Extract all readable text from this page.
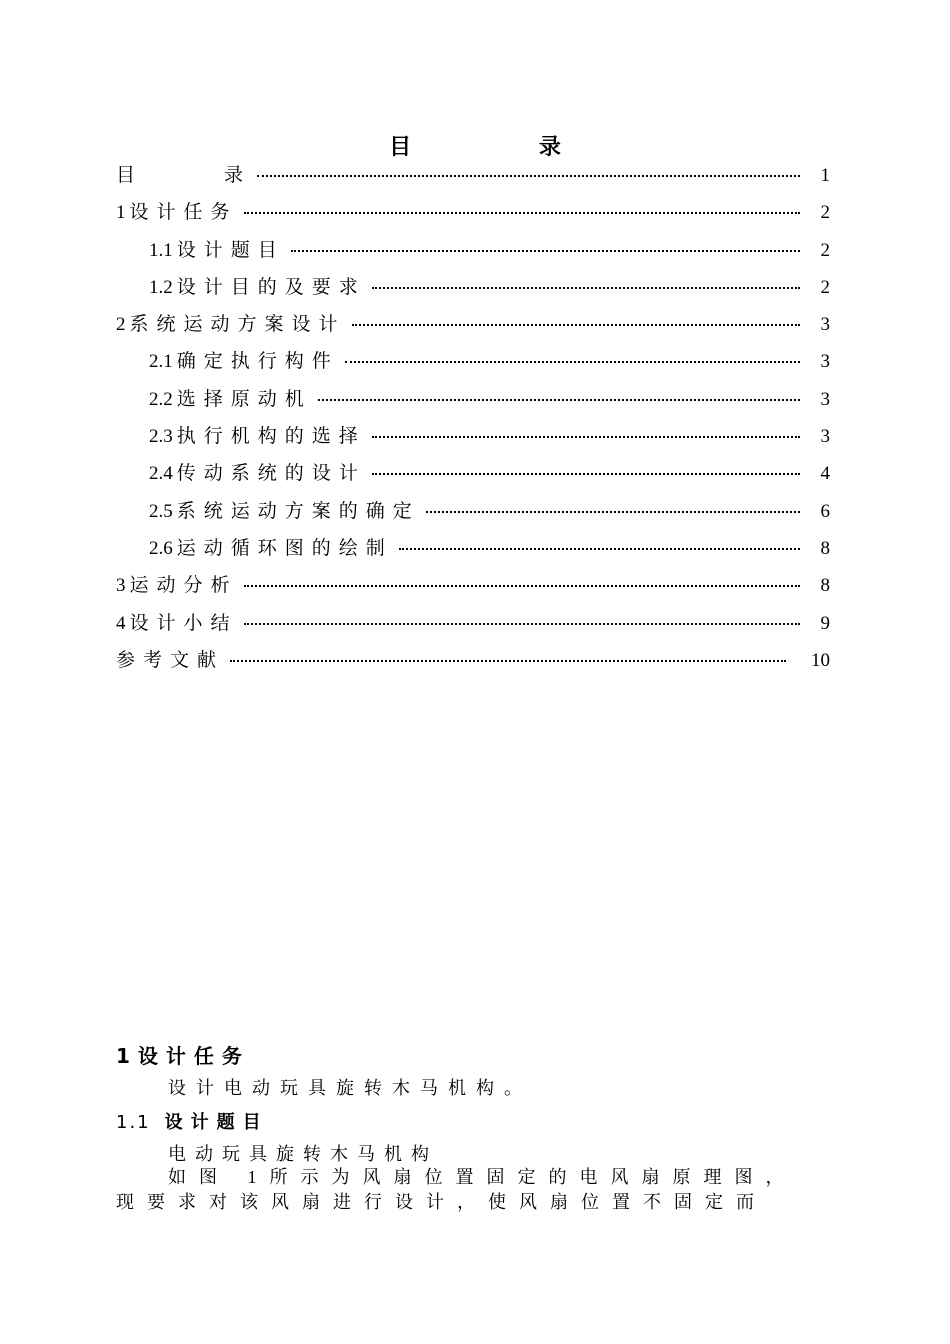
目 录
目　　　录	1
1 设计任务	2
1.1 设计题目	2
1.2 设计目的及要求	2
2 系统运动方案设计	3
2.1 确定执行构件	3
2.2 选择原动机	3
2.3 执行机构的选择	3
2.4 传动系统的设计	4
2.5 系统运动方案的确定	6
2.6 运动循环图的绘制	8
3 运动分析	8
4 设计小结	9
参考文献	10
1设计任务
设计电动玩具旋转木马机构。
1.1 设计题目
电动玩具旋转木马机构
如图 1所示为风扇位置固定的电风扇原理图，
现要求对该风扇进行设计，使风扇位置不固定而
